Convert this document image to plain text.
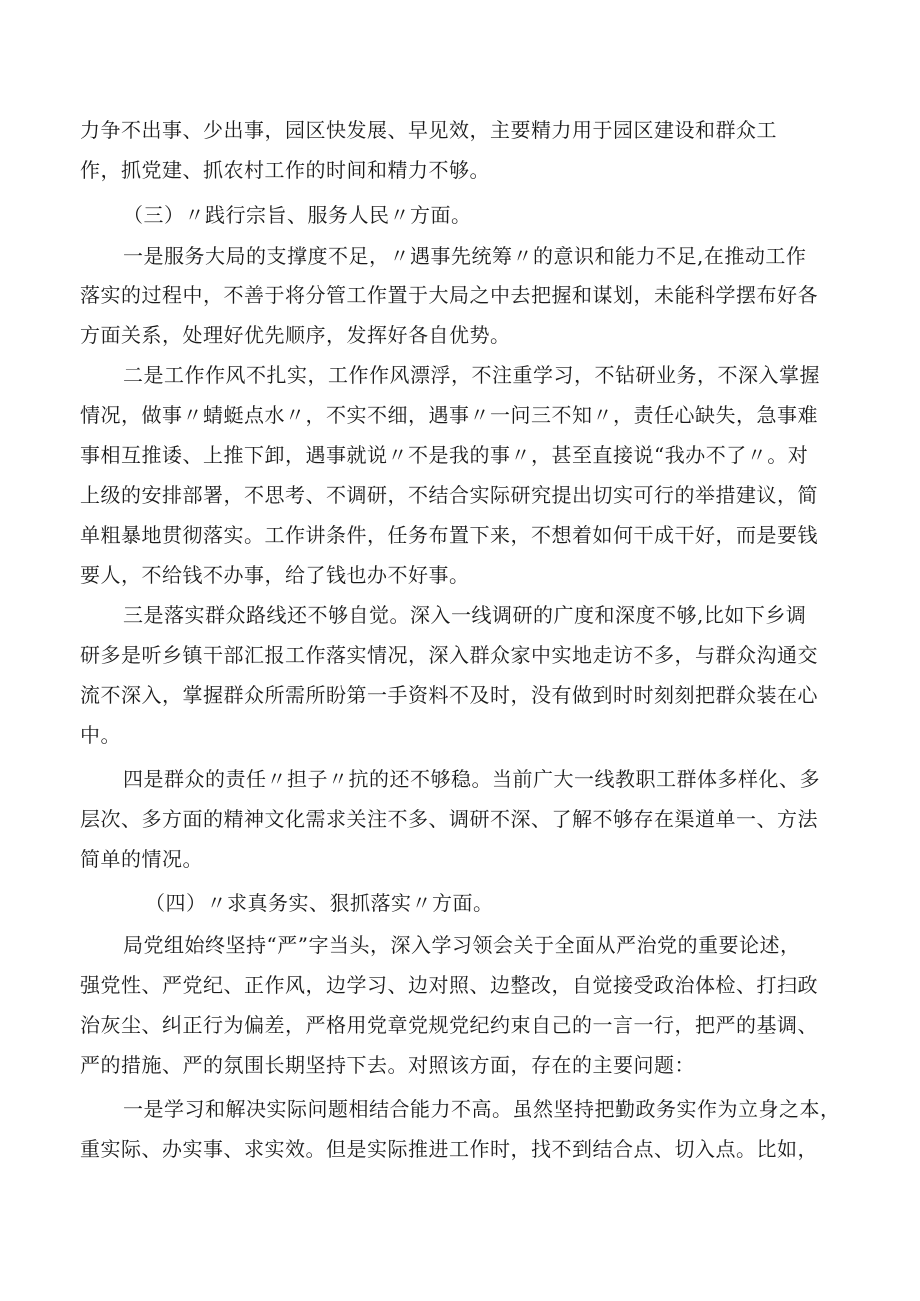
力争不出事、少出事，园区快发展、早见效，主要精力用于园区建设和群众工
作，抓党建、抓农村工作的时间和精力不够。
（三）〃践行宗旨、服务人民〃方面。
一是服务大局的支撑度不足，〃遇事先统筹〃的意识和能力不足,在推动工作
落实的过程中，不善于将分管工作置于大局之中去把握和谋划，未能科学摆布好各
方面关系，处理好优先顺序，发挥好各自优势。
二是工作作风不扎实，工作作风漂浮，不注重学习，不钻研业务，不深入掌握
情况，做事〃蜻蜓点水〃，不实不细，遇事〃一问三不知〃，责任心缺失，急事难
事相互推诿、上推下卸，遇事就说〃不是我的事〃，甚至直接说“我办不了〃。对
上级的安排部署，不思考、不调研，不结合实际研究提出切实可行的举措建议，简
单粗暴地贯彻落实。工作讲条件，任务布置下来，不想着如何干成干好，而是要钱
要人，不给钱不办事，给了钱也办不好事。
三是落实群众路线还不够自觉。深入一线调研的广度和深度不够,比如下乡调
研多是听乡镇干部汇报工作落实情况，深入群众家中实地走访不多，与群众沟通交
流不深入，掌握群众所需所盼第一手资料不及时，没有做到时时刻刻把群众装在心
中。
四是群众的责任〃担子〃抗的还不够稳。当前广大一线教职工群体多样化、多
层次、多方面的精神文化需求关注不多、调研不深、了解不够存在渠道单一、方法
简单的情况。
（四）〃求真务实、狠抓落实〃方面。
局党组始终坚持“严”字当头，深入学习领会关于全面从严治党的重要论述，
强党性、严党纪、正作风，边学习、边对照、边整改，自觉接受政治体检、打扫政
治灰尘、纠正行为偏差，严格用党章党规党纪约束自己的一言一行，把严的基调、
严的措施、严的氛围长期坚持下去。对照该方面，存在的主要问题：
一是学习和解决实际问题相结合能力不高。虽然坚持把勤政务实作为立身之本，
重实际、办实事、求实效。但是实际推进工作时，找不到结合点、切入点。比如，
